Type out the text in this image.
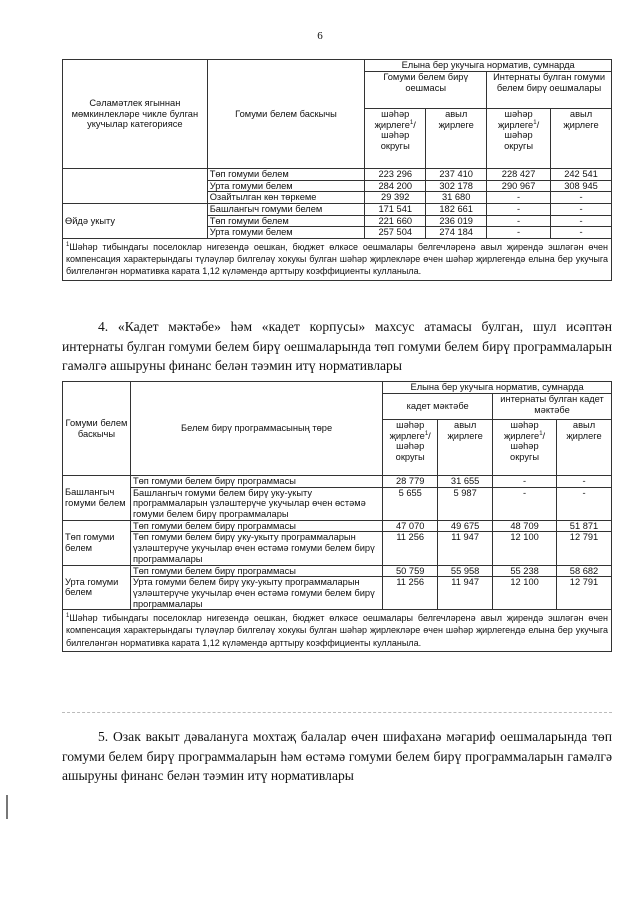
6
Сәламәтлек ягыннан мөмкинлекләре чикле булган укучылар категориясе	Гомуми белем баскычы	Елына бер укучыга норматив, сумнарда			
		Гомуми белем бирү оешмасы		Интернаты булган гомуми белем бирү оешмалары	
		шәһәр җирлеге$^1$/ шәһәр округы	авыл җирлеге	шәһәр җирлеге$^1$/ шәһәр округы	авыл җирлеге
	Төп гомуми белем	223 296	237 410	228 427	242 541
	Урта гомуми белем	284 200	302 178	290 967	308 945
	Озайтылган көн төркеме	29 392	31 680	-	-
Өйдә укыту	Башлангыч гомуми белем	171 541	182 661	-	-
	Төп гомуми белем	221 660	236 019	-	-
	Урта гомуми белем	257 504	274 184	-	-
$^1$Шәһәр тибындагы поселоклар нигезендә оешкан, бюджет өлкәсе оешмалары белгечләренә авыл җирендә эшләгән өчен компенсация характерындагы түләүләр билгеләү хокукы булган шәһәр җирлекләре өчен шәһәр җирлегендә елына бер укучыга билгеләнгән нормативка карата 1,12 күләмендә арттыру коэффициенты кулланыла.					

4. «Кадет мәктәбе» һәм «кадет корпусы» махсус атамасы булган, шул исәптән интернаты булган гомуми белем бирү оешмаларында төп гомуми белем бирү программаларын гамәлгә ашыруны финанс белән тәэмин итү нормативлары

Гомуми белем баскычы	Белем бирү программасының төре	Елына бер укучыга норматив, сумнарда			
		кадет мәктәбе		интернаты булган кадет мәктәбе	
		шәһәр җирлеге$^1$/ шәһәр округы	авыл җирлеге	шәһәр җирлеге$^1$/ шәһәр округы	авыл җирлеге
Башлангыч гомуми белем	Төп гомуми белем бирү программасы	28 779	31 655	-	-
	Башлангыч гомуми белем бирү уку-укыту программаларын үзләштерүче укучылар өчен өстәмә гомуми белем бирү программалары	5 655	5 987	-	-
Төп гомуми белем	Төп гомуми белем бирү программасы	47 070	49 675	48 709	51 871
	Төп гомуми белем бирү уку-укыту программаларын үзләштерүче укучылар өчен өстәмә гомуми белем бирү программалары	11 256	11 947	12 100	12 791
Урта гомуми белем	Төп гомуми белем бирү программасы	50 759	55 958	55 238	58 682
	Урта гомуми белем бирү уку-укыту программаларын үзләштерүче укучылар өчен өстәмә гомуми белем бирү программалары	11 256	11 947	12 100	12 791
$^1$Шәһәр тибындагы поселоклар нигезендә оешкан, бюджет өлкәсе оешмалары белгечләренә авыл җирендә эшләгән өчен компенсация характерындагы түләүләр билгеләү хокукы булган шәһәр җирлекләре өчен шәһәр җирлегендә елына бер укучыга билгеләнгән нормативка карата 1,12 күләмендә арттыру коэффициенты кулланыла.					

5. Озак вакыт дәвалануга мохтаҗ балалар өчен шифаханә мәгариф оешмаларында төп гомуми белем бирү программаларын һәм өстәмә гомуми белем бирү программаларын гамәлгә ашыруны финанс белән тәэмин итү нормативлары
